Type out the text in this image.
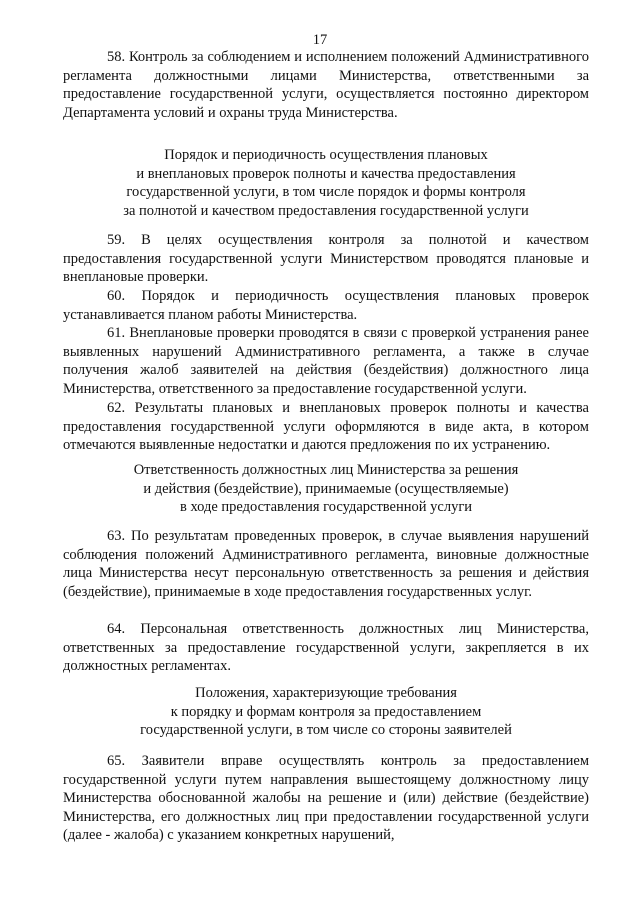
17

58. Контроль за соблюдением и исполнением положений Административного регламента должностными лицами Министерства, ответственными за предоставление государственной услуги, осуществляется постоянно директором Департамента условий и охраны труда Министерства.

Порядок и периодичность осуществления плановых
и внеплановых проверок полноты и качества предоставления
государственной услуги, в том числе порядок и формы контроля
за полнотой и качеством предоставления государственной услуги

59. В целях осуществления контроля за полнотой и качеством предоставления государственной услуги Министерством проводятся плановые и внеплановые проверки.

60. Порядок и периодичность осуществления плановых проверок устанавливается планом работы Министерства.

61. Внеплановые проверки проводятся в связи с проверкой устранения ранее выявленных нарушений Административного регламента, а также в случае получения жалоб заявителей на действия (бездействия) должностного лица Министерства, ответственного за предоставление государственной услуги.

62. Результаты плановых и внеплановых проверок полноты и качества предоставления государственной услуги оформляются в виде акта, в котором отмечаются выявленные недостатки и даются предложения по их устранению.

Ответственность должностных лиц Министерства за решения
и действия (бездействие), принимаемые (осуществляемые)
в ходе предоставления государственной услуги

63. По результатам проведенных проверок, в случае выявления нарушений соблюдения положений Административного регламента, виновные должностные лица Министерства несут персональную ответственность за решения и действия (бездействие), принимаемые в ходе предоставления государственных услуг.

64. Персональная ответственность должностных лиц Министерства, ответственных за предоставление государственной услуги, закрепляется в их должностных регламентах.

Положения, характеризующие требования
к порядку и формам контроля за предоставлением
государственной услуги, в том числе со стороны заявителей

65. Заявители вправе осуществлять контроль за предоставлением государственной услуги путем направления вышестоящему должностному лицу Министерства обоснованной жалобы на решение и (или) действие (бездействие) Министерства, его должностных лиц при предоставлении государственной услуги (далее - жалоба) с указанием конкретных нарушений,
